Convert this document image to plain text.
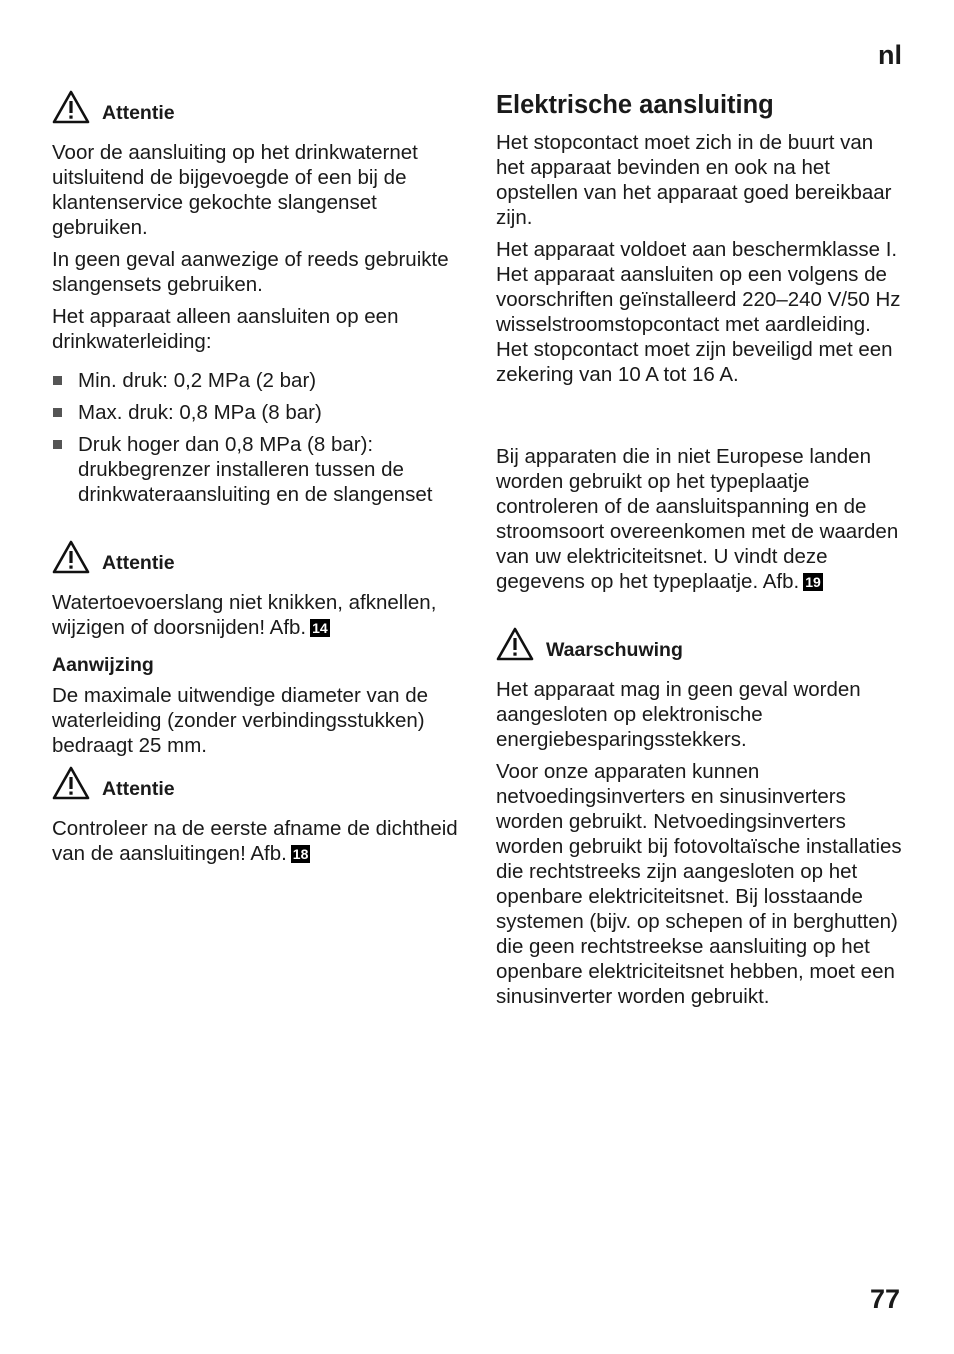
nl
Attentie

Voor de aansluiting op het drinkwaternet uitsluitend de bijgevoegde of een bij de klantenservice gekochte slangenset gebruiken.

In geen geval aanwezige of reeds gebruikte slangensets gebruiken.

Het apparaat alleen aansluiten op een drinkwaterleiding:

Min. druk: 0,2 MPa (2 bar)
Max. druk: 0,8 MPa (8 bar)
Druk hoger dan 0,8 MPa (8 bar): drukbegrenzer installeren tussen de drinkwateraansluiting en de slangenset
Attentie

Watertoevoerslang niet knikken, afknellen, wijzigen of doorsnijden! Afb. 14

Aanwijzing

De maximale uitwendige diameter van de waterleiding (zonder verbindingsstukken) bedraagt 25 mm.

Attentie

Controleer na de eerste afname de dichtheid van de aansluitingen! Afb. 18

Elektrische aansluiting

Het stopcontact moet zich in de buurt van het apparaat bevinden en ook na het opstellen van het apparaat goed bereikbaar zijn.

Het apparaat voldoet aan beschermklasse I. Het apparaat aansluiten op een volgens de voorschriften geïnstalleerd 220–240 V/50 Hz wisselstroomstopcontact met aardleiding. Het stopcontact moet zijn beveiligd met een zekering van 10 A tot 16 A.

Bij apparaten die in niet Europese landen worden gebruikt op het typeplaatje controleren of de aansluitspanning en de stroomsoort overeenkomen met de waarden van uw elektriciteitsnet. U vindt deze gegevens op het typeplaatje. Afb. 19

Waarschuwing

Het apparaat mag in geen geval worden aangesloten op elektronische energiebesparingsstekkers.

Voor onze apparaten kunnen netvoedingsinverters en sinusinverters worden gebruikt. Netvoedingsinverters worden gebruikt bij fotovoltaïsche installaties die rechtstreeks zijn aangesloten op het openbare elektriciteitsnet. Bij losstaande systemen (bijv. op schepen of in berghutten) die geen rechtstreekse aansluiting op het openbare elektriciteitsnet hebben, moet een sinusinverter worden gebruikt.

77
